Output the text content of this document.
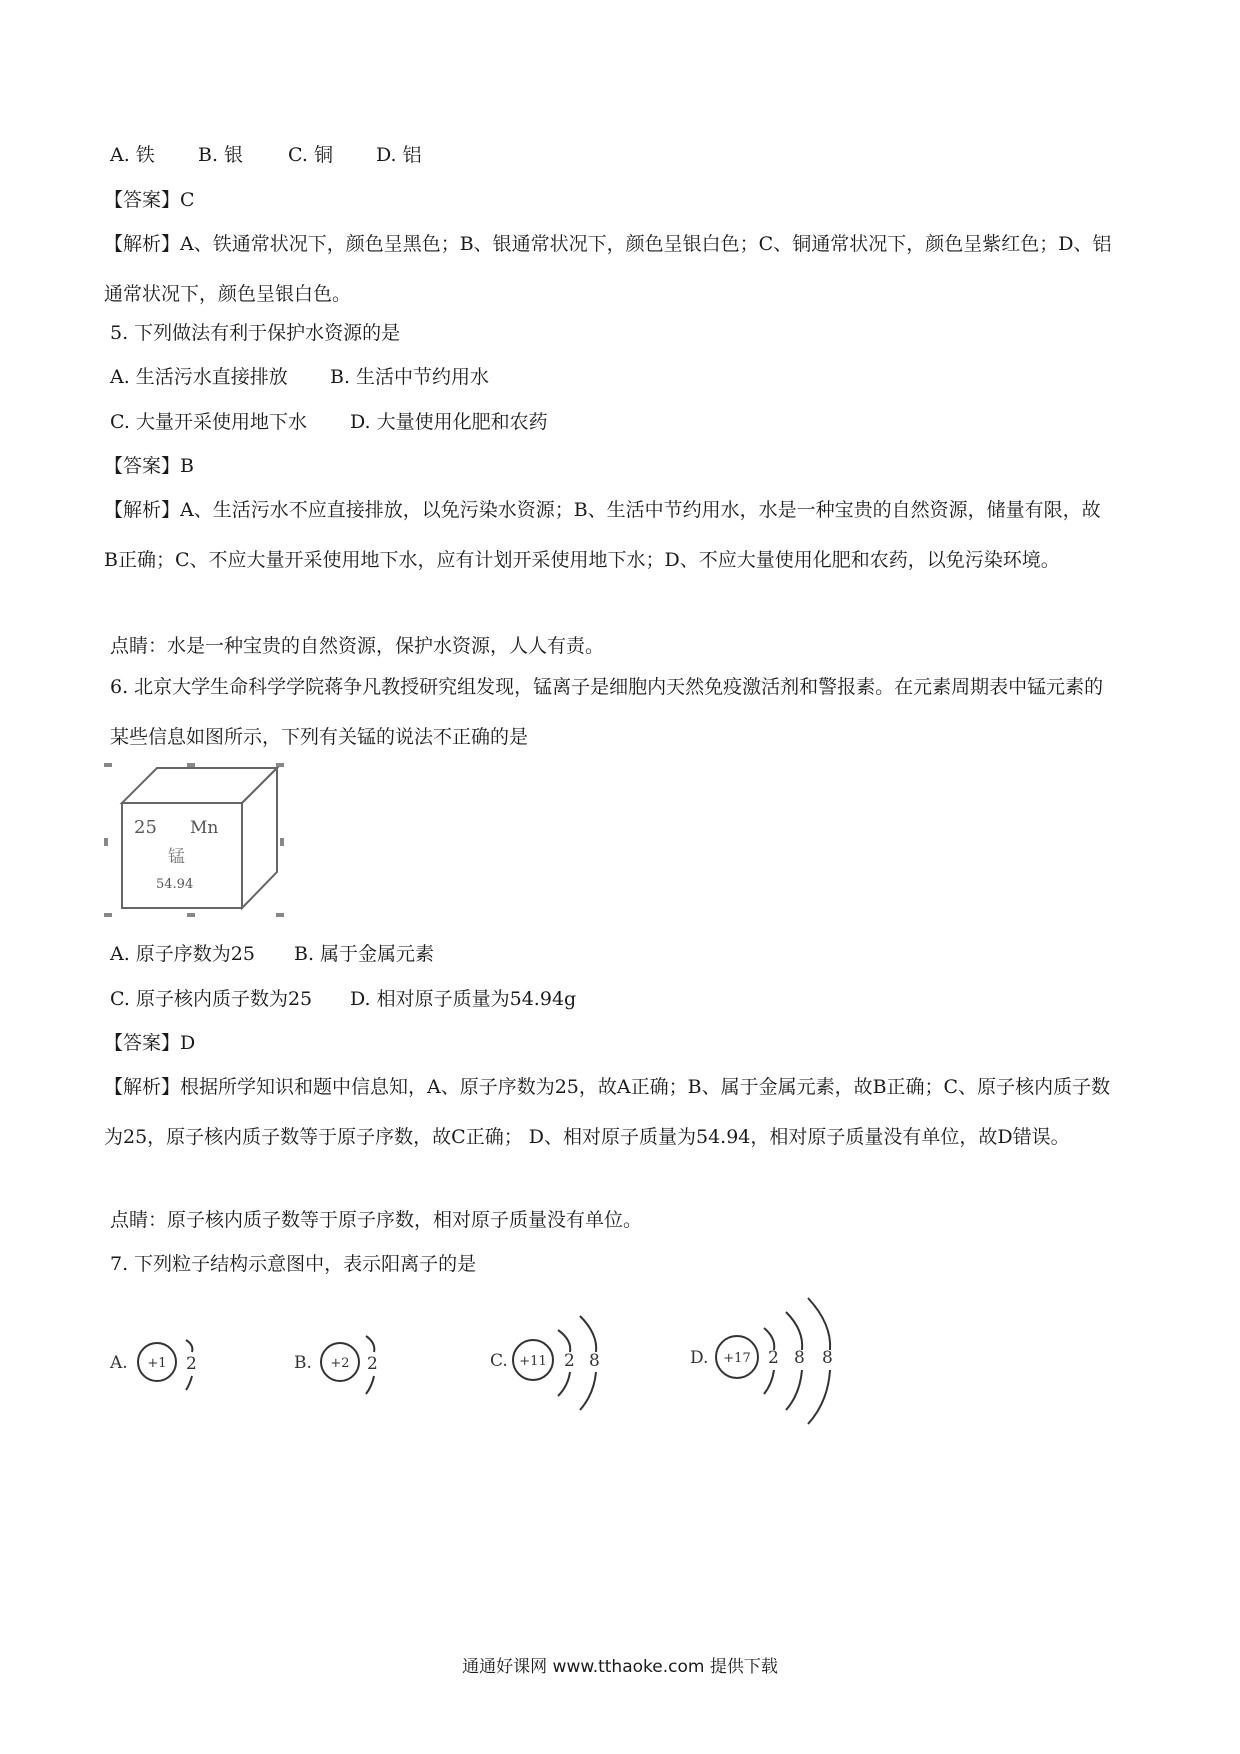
A. 铁 B. 银 C. 铜 D. 铝
【答案】C
【解析】A、铁通常状况下，颜色呈黑色；B、银通常状况下，颜色呈银白色；C、铜通常状况下，颜色呈紫红色；D、铝通常状况下，颜色呈银白色。
5. 下列做法有利于保护水资源的是
A. 生活污水直接排放 B. 生活中节约用水
C. 大量开采使用地下水 D. 大量使用化肥和农药
【答案】B
【解析】A、生活污水不应直接排放，以免污染水资源；B、生活中节约用水，水是一种宝贵的自然资源，储量有限，故B正确；C、不应大量开采使用地下水，应有计划开采使用地下水；D、不应大量使用化肥和农药，以免污染环境。
点睛：水是一种宝贵的自然资源，保护水资源，人人有责。
6. 北京大学生命科学学院蒋争凡教授研究组发现，锰离子是细胞内天然免疫激活剂和警报素。在元素周期表中锰元素的某些信息如图所示，下列有关锰的说法不正确的是
25 Mn
锰
54.94
A. 原子序数为25 B. 属于金属元素
C. 原子核内质子数为25 D. 相对原子质量为54.94g
【答案】D
【解析】根据所学知识和题中信息知，A、原子序数为25，故A正确；B、属于金属元素，故B正确；C、原子核内质子数为25，原子核内质子数等于原子序数，故C正确； D、相对原子质量为54.94，相对原子质量没有单位，故D错误。
点睛：原子核内质子数等于原子序数，相对原子质量没有单位。
7. 下列粒子结构示意图中，表示阳离子的是
A. +1 2	B. +2 2	C. +11 2 8	D. +17 2 8 8
通通好课网 www.tthaoke.com 提供下载
